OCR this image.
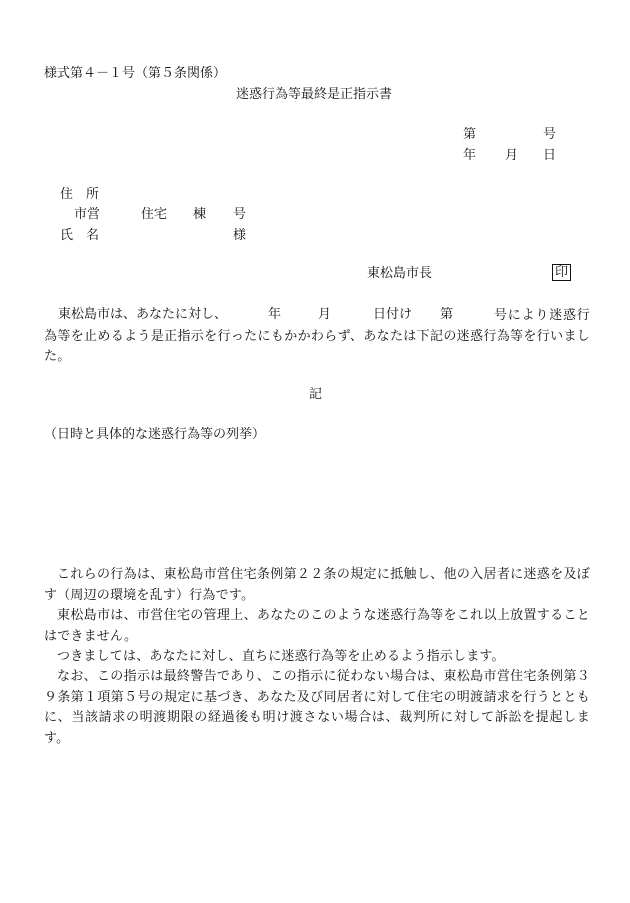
様式第４－１号（第５条関係）
迷惑行為等最終是正指示書
第	号
年 月 日
住　所
市営	住宅 棟 号
氏　名	様
東松島市長	印
東松島市は、あなたに対し、	年	月	日付け 第	号により迷惑行為等を止めるよう是正指示を行ったにもかかわらず、あなたは下記の迷惑行為等を行いました。
記
（日時と具体的な迷惑行為等の列挙）
これらの行為は、東松島市営住宅条例第２２条の規定に抵触し、他の入居者に迷惑を及ぼす（周辺の環境を乱す）行為です。
東松島市は、市営住宅の管理上、あなたのこのような迷惑行為等をこれ以上放置することはできません。
つきましては、あなたに対し、直ちに迷惑行為等を止めるよう指示します。
なお、この指示は最終警告であり、この指示に従わない場合は、東松島市営住宅条例第３９条第１項第５号の規定に基づき、あなた及び同居者に対して住宅の明渡請求を行うとともに、当該請求の明渡期限の経過後も明け渡さない場合は、裁判所に対して訴訟を提起します。
